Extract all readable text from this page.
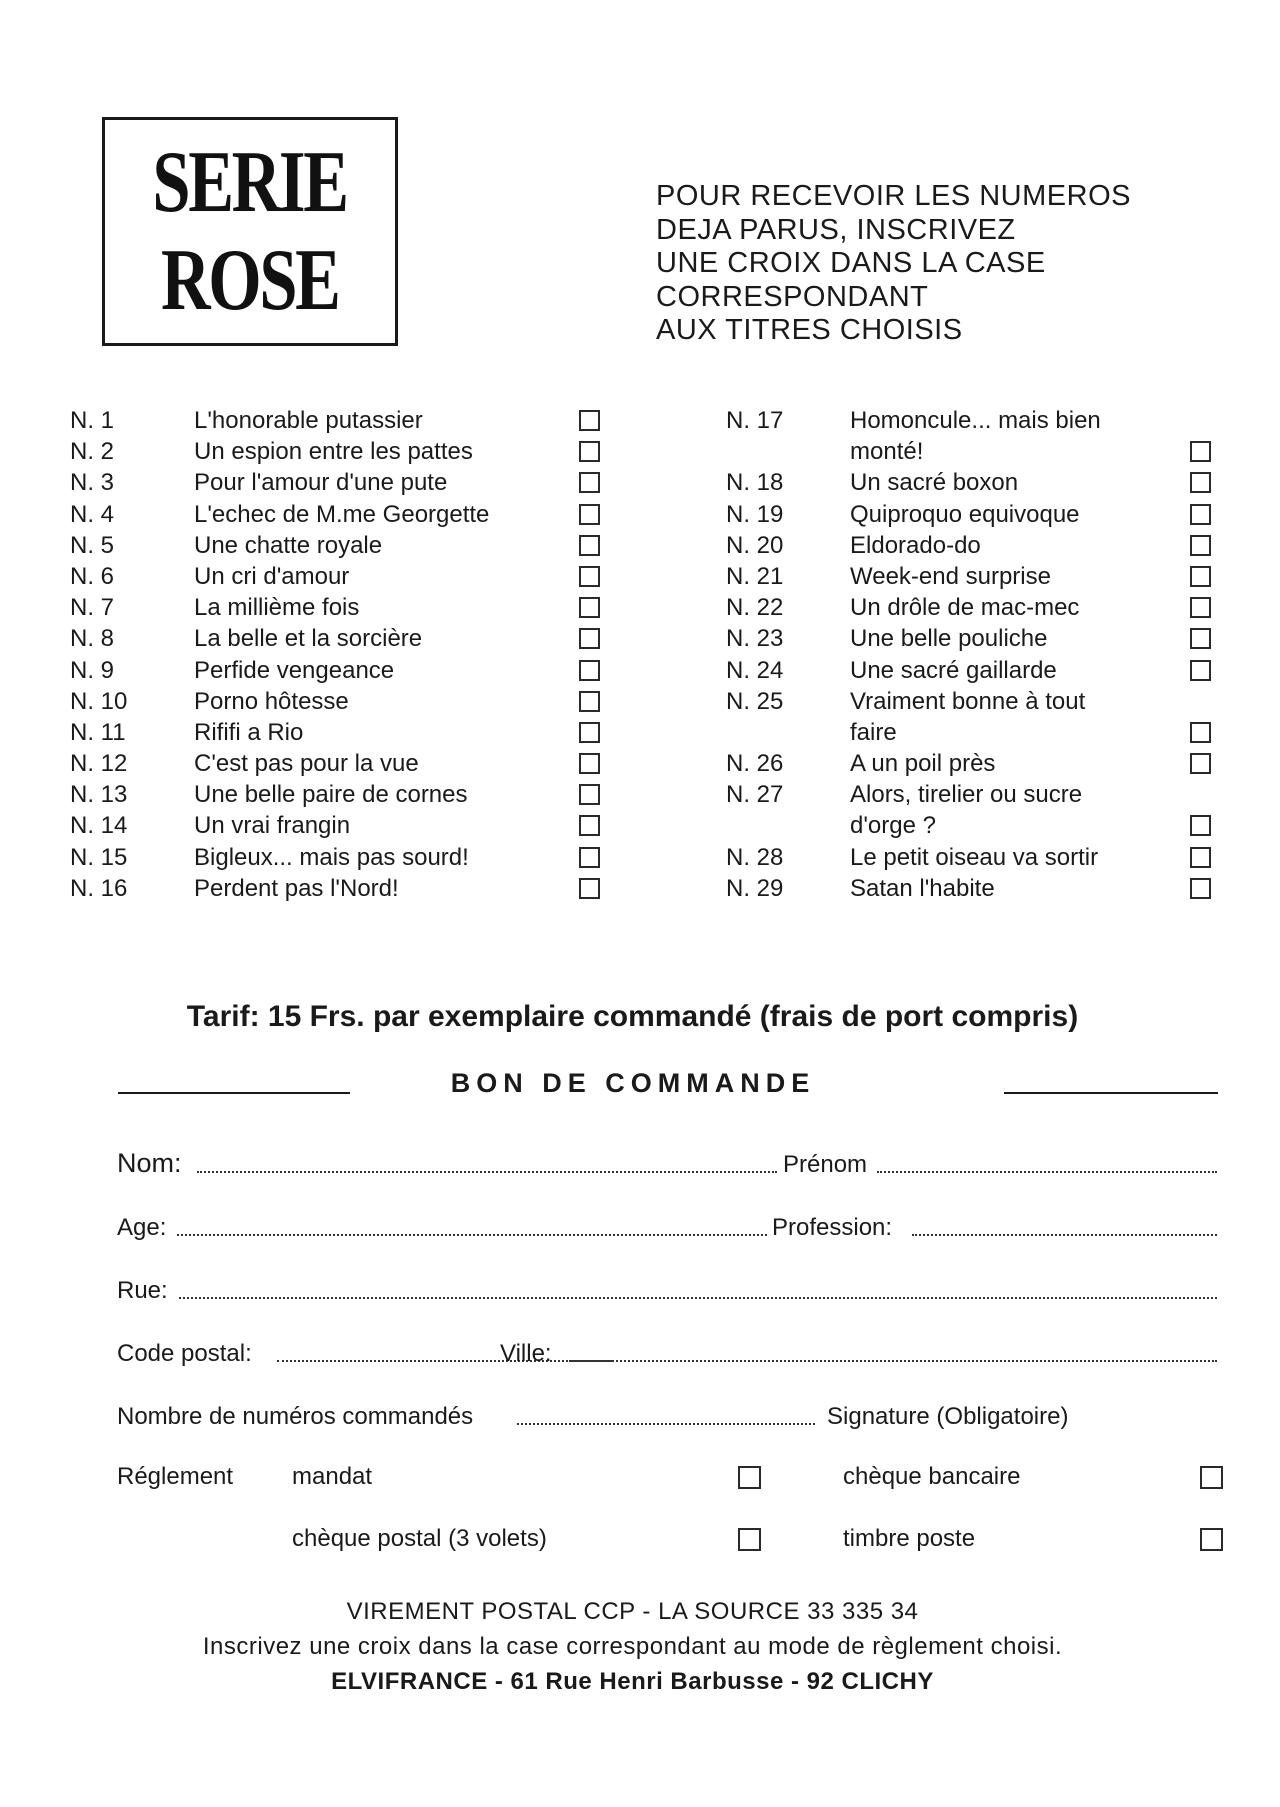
SERIE
ROSE
POUR RECEVOIR LES NUMEROS
DEJA PARUS, INSCRIVEZ
UNE CROIX DANS LA CASE
CORRESPONDANT
AUX TITRES CHOISIS
N. 1	L'honorable putassier
N. 2	Un espion entre les pattes
N. 3	Pour l'amour d'une pute
N. 4	L'echec de M.me Georgette
N. 5	Une chatte royale
N. 6	Un cri d'amour
N. 7	La millième fois
N. 8	La belle et la sorcière
N. 9	Perfide vengeance
N. 10	Porno hôtesse
N. 11	Rififi a Rio
N. 12	C'est pas pour la vue
N. 13	Une belle paire de cornes
N. 14	Un vrai frangin
N. 15	Bigleux... mais pas sourd!
N. 16	Perdent pas l'Nord!
N. 17	Homoncule... mais bien
monté!
N. 18	Un sacré boxon
N. 19	Quiproquo equivoque
N. 20	Eldorado-do
N. 21	Week-end surprise
N. 22	Un drôle de mac-mec
N. 23	Une belle pouliche
N. 24	Une sacré gaillarde
N. 25	Vraiment bonne à tout
faire
N. 26	A un poil près
N. 27	Alors, tirelier ou sucre
d'orge ?
N. 28	Le petit oiseau va sortir
N. 29	Satan l'habite
Tarif: 15 Frs. par exemplaire commandé (frais de port compris)
BON DE COMMANDE
Nom:	Prénom
Age:	Profession:
Rue:
Code postal:	Ville:
Nombre de numéros commandés	Signature (Obligatoire)
Réglement mandat	chèque bancaire
chèque postal (3 volets)	timbre poste
VIREMENT POSTAL CCP - LA SOURCE 33 335 34
Inscrivez une croix dans la case correspondant au mode de règlement choisi.
ELVIFRANCE - 61 Rue Henri Barbusse - 92 CLICHY
